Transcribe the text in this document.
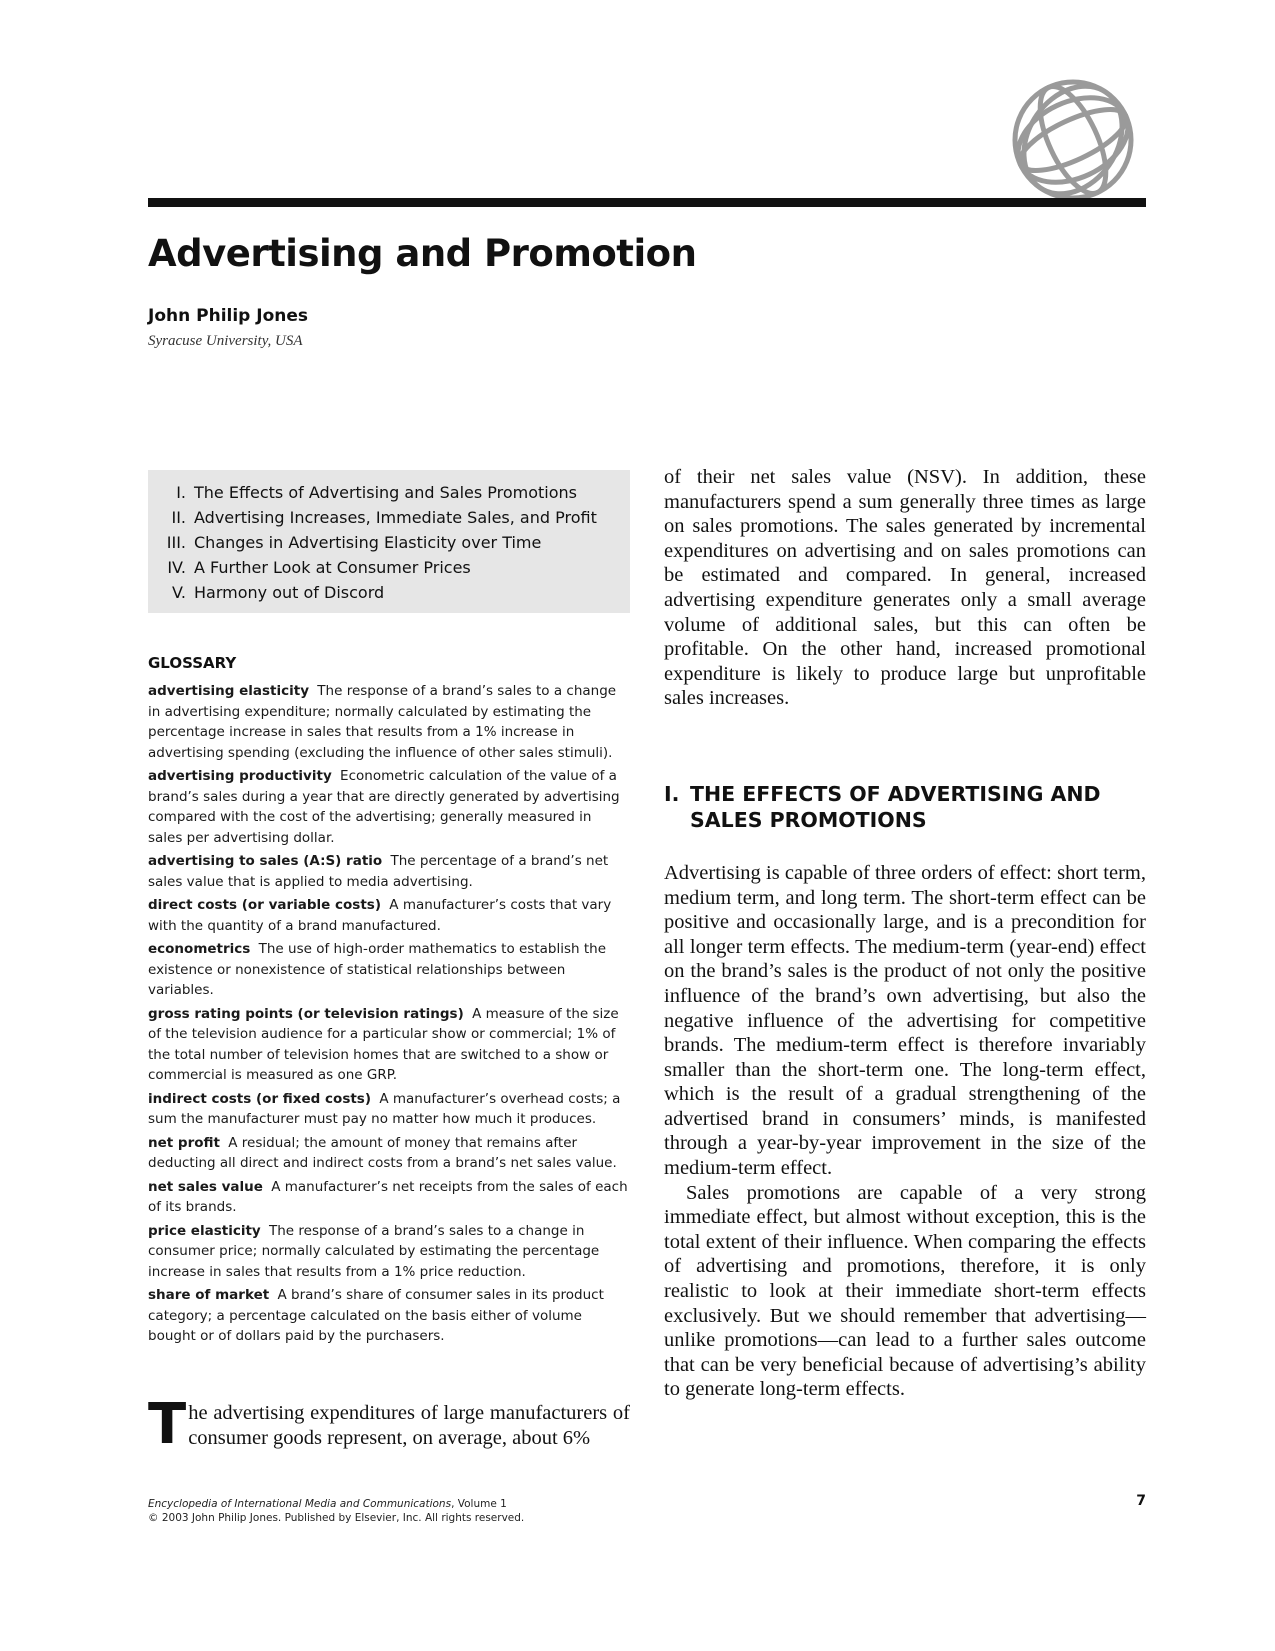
Advertising and Promotion
John Philip Jones
Syracuse University, USA
I. The Effects of Advertising and Sales Promotions
II. Advertising Increases, Immediate Sales, and Profit
III. Changes in Advertising Elasticity over Time
IV. A Further Look at Consumer Prices
V. Harmony out of Discord
GLOSSARY

advertising elasticity The response of a brand’s sales to a change in advertising expenditure; normally calculated by estimating the percentage increase in sales that results from a 1% increase in advertising spending (excluding the influence of other sales stimuli).

advertising productivity Econometric calculation of the value of a brand’s sales during a year that are directly generated by advertising compared with the cost of the advertising; generally measured in sales per advertising dollar.

advertising to sales (A:S) ratio The percentage of a brand’s net sales value that is applied to media advertising.

direct costs (or variable costs) A manufacturer’s costs that vary with the quantity of a brand manufactured.

econometrics The use of high-order mathematics to establish the existence or nonexistence of statistical relationships between variables.

gross rating points (or television ratings) A measure of the size of the television audience for a particular show or commercial; 1% of the total number of television homes that are switched to a show or commercial is measured as one GRP.

indirect costs (or fixed costs) A manufacturer’s overhead costs; a sum the manufacturer must pay no matter how much it produces.

net profit A residual; the amount of money that remains after deducting all direct and indirect costs from a brand’s net sales value.

net sales value A manufacturer’s net receipts from the sales of each of its brands.

price elasticity The response of a brand’s sales to a change in consumer price; normally calculated by estimating the percentage increase in sales that results from a 1% price reduction.

share of market A brand’s share of consumer sales in its product category; a percentage calculated on the basis either of volume bought or of dollars paid by the purchasers.

The advertising expenditures of large manufacturers of consumer goods represent, on average, about 6%

of their net sales value (NSV). In addition, these manufacturers spend a sum generally three times as large on sales promotions. The sales generated by incremental expenditures on advertising and on sales promotions can be estimated and compared. In general, increased advertising expenditure generates only a small average volume of additional sales, but this can often be profitable. On the other hand, increased promotional expenditure is likely to produce large but unprofitable sales increases.

I. THE EFFECTS OF ADVERTISING AND SALES PROMOTIONS

Advertising is capable of three orders of effect: short term, medium term, and long term. The short-term effect can be positive and occasionally large, and is a precondition for all longer term effects. The medium-term (year-end) effect on the brand’s sales is the product of not only the positive influence of the brand’s own advertising, but also the negative influence of the advertising for competitive brands. The medium-term effect is therefore invariably smaller than the short-term one. The long-term effect, which is the result of a gradual strengthening of the advertised brand in consumers’ minds, is manifested through a year-by-year improvement in the size of the medium-term effect.

Sales promotions are capable of a very strong immediate effect, but almost without exception, this is the total extent of their influence. When comparing the effects of advertising and promotions, therefore, it is only realistic to look at their immediate short-term effects exclusively. But we should remember that advertising—unlike promotions—can lead to a further sales outcome that can be very beneficial because of advertising’s ability to generate long-term effects.

Encyclopedia of International Media and Communications, Volume 1
© 2003 John Philip Jones. Published by Elsevier, Inc. All rights reserved.
7
